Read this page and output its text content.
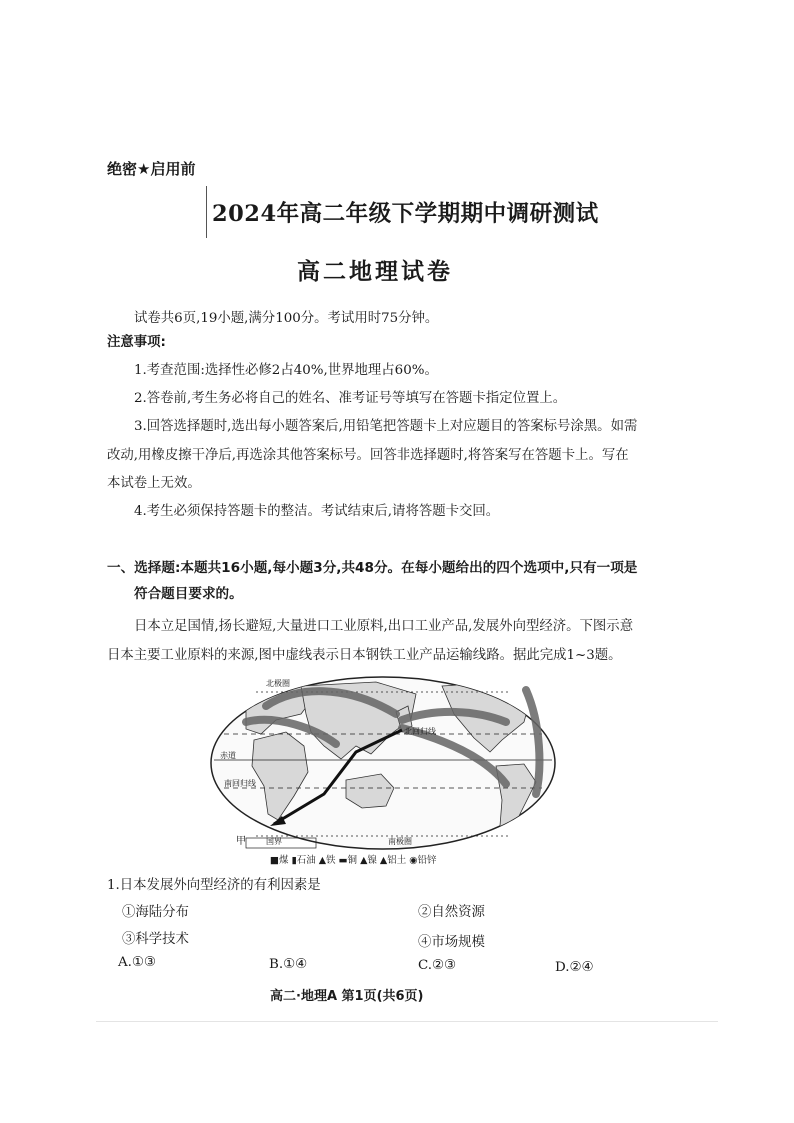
绝密★启用前
2024年高二年级下学期期中调研测试
高二地理试卷
试卷共6页,19小题,满分100分。考试用时75分钟。
注意事项:
1.考查范围:选择性必修2占40%,世界地理占60%。
2.答卷前,考生务必将自己的姓名、准考证号等填写在答题卡指定位置上。
3.回答选择题时,选出每小题答案后,用铅笔把答题卡上对应题目的答案标号涂黑。如需
改动,用橡皮擦干净后,再选涂其他答案标号。回答非选择题时,将答案写在答题卡上。写在
本试卷上无效。
4.考生必须保持答题卡的整洁。考试结束后,请将答题卡交回。
一、选择题:本题共16小题,每小题3分,共48分。在每小题给出的四个选项中,只有一项是
符合题目要求的。
日本立足国情,扬长避短,大量进口工业原料,出口工业产品,发展外向型经济。下图示意
日本主要工业原料的来源,图中虚线表示日本钢铁工业产品运输线路。据此完成1~3题。
北极圈
北回归线
赤道
南回归线
南极圈
甲	国界
■煤 ▮石油 ▲铁 ▬铜 ▲镍 ▲铝土 ◉铅锌
1.日本发展外向型经济的有利因素是
①海陆分布	②自然资源
③科学技术	④市场规模
A.①③	B.①④	C.②③	D.②④
高二·地理A 第1页(共6页)
